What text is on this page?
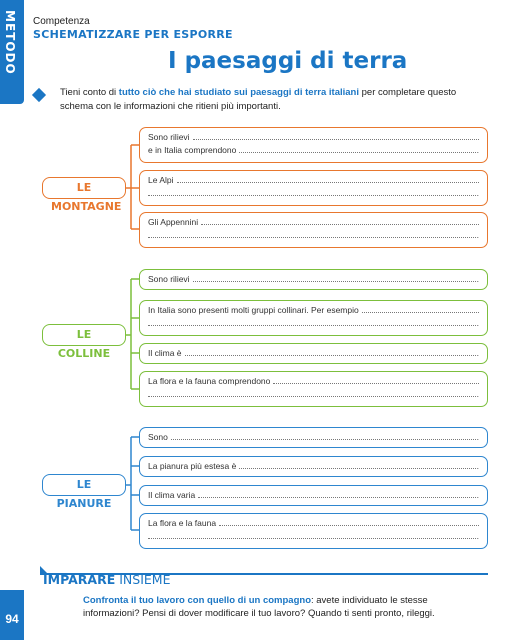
METODO
94
Competenza
SCHEMATIZZARE PER ESPORRE
I paesaggi di terra
Tieni conto di tutto ciò che hai studiato sui paesaggi di terra italiani per completare questo schema con le informazioni che ritieni più importanti.
LE MONTAGNE
Sono rilievi
e in Italia comprendono	.
Le Alpi
.
Gli Appennini
.
LE COLLINE
Sono rilievi	.
In Italia sono presenti molti gruppi collinari. Per esempio
.
Il clima è	.
La flora e la fauna comprendono
.
LE PIANURE
Sono	.
La pianura più estesa è	.
Il clima varia	.
La flora e la fauna
.
IMPARARE INSIEME
Confronta il tuo lavoro con quello di un compagno: avete individuato le stesse informazioni? Pensi di dover modificare il tuo lavoro? Quando ti senti pronto, rileggi.
